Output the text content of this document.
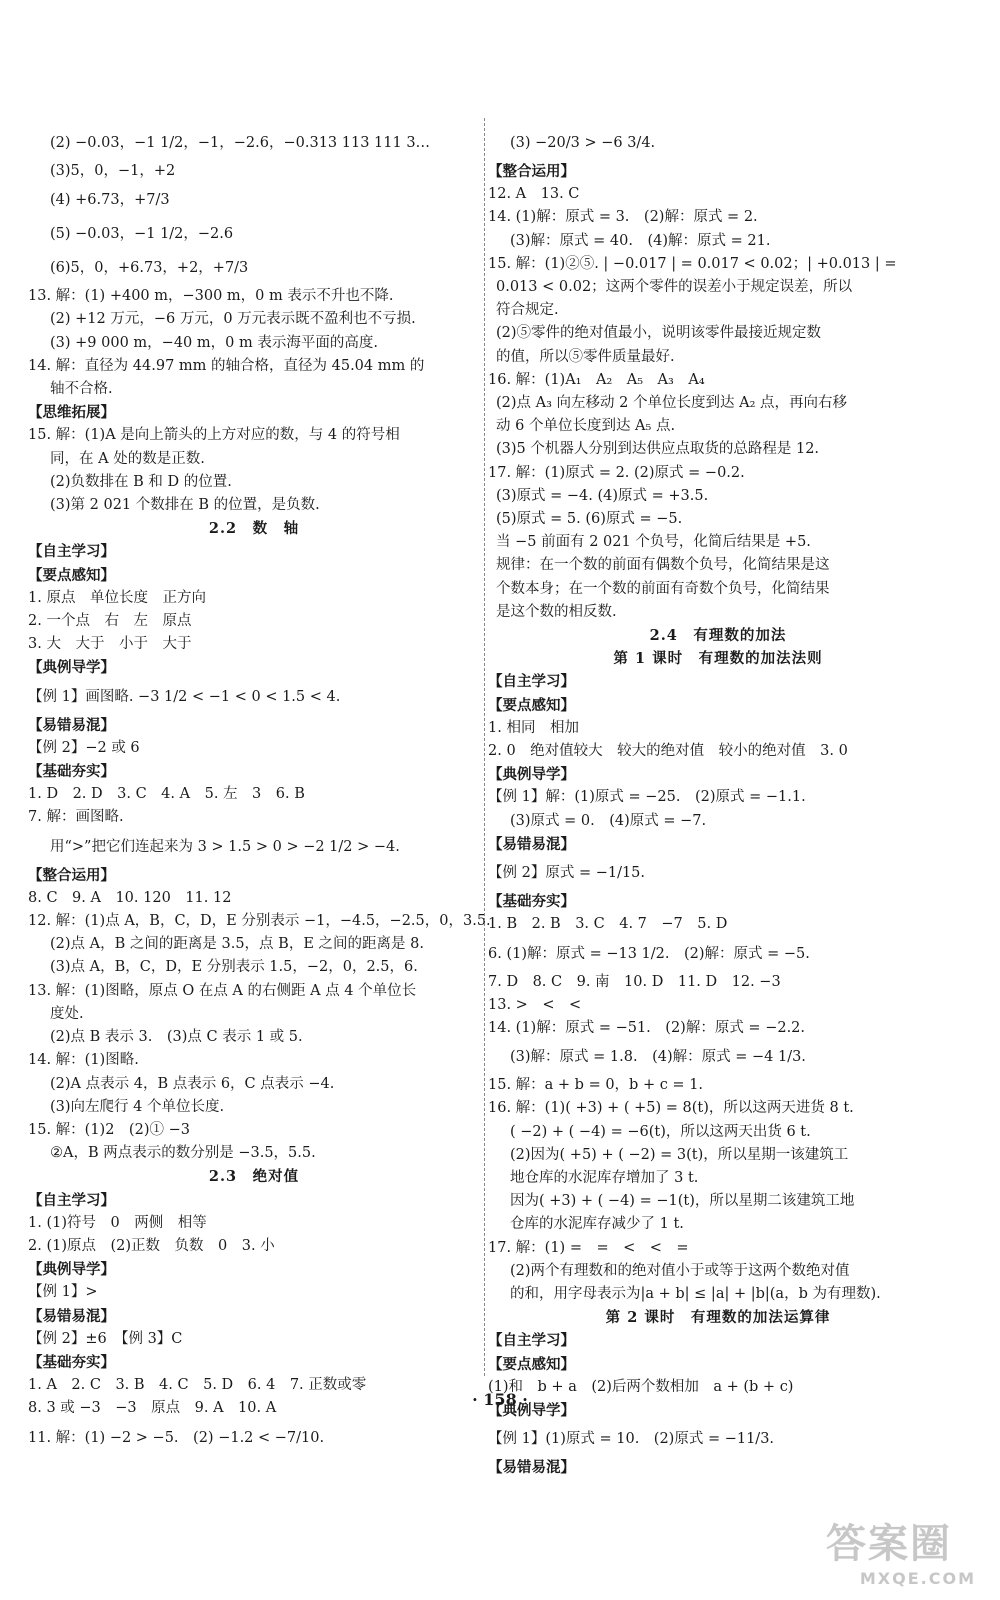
(2) −0.03，−1 1/2，−1，−2.6，−0.313 113 111 3…
(3)5，0，−1，+2
(4) +6.73，+7/3
(5) −0.03，−1 1/2，−2.6
(6)5，0，+6.73，+2，+7/3
13. 解：(1) +400 m，−300 m，0 m 表示不升也不降.
(2) +12 万元，−6 万元，0 万元表示既不盈利也不亏损.
(3) +9 000 m，−40 m，0 m 表示海平面的高度.
14. 解：直径为 44.97 mm 的轴合格，直径为 45.04 mm 的
轴不合格.
【思维拓展】
15. 解：(1)A 是向上箭头的上方对应的数，与 4 的符号相
同，在 A 处的数是正数.
(2)负数排在 B 和 D 的位置.
(3)第 2 021 个数排在 B 的位置，是负数.
2.2　数　轴
【自主学习】
【要点感知】
1. 原点　单位长度　正方向
2. 一个点　右　左　原点
3. 大　大于　小于　大于
【典例导学】
【例 1】画图略. −3 1/2 < −1 < 0 < 1.5 < 4.
【易错易混】
【例 2】−2 或 6
【基础夯实】
1. D　2. D　3. C　4. A　5. 左　3　6. B
7. 解：画图略.
用“>”把它们连起来为 3 > 1.5 > 0 > −2 1/2 > −4.
【整合运用】
8. C　9. A　10. 120　11. 12
12. 解：(1)点 A，B，C，D，E 分别表示 −1，−4.5，−2.5，0，3.5.
(2)点 A，B 之间的距离是 3.5，点 B，E 之间的距离是 8.
(3)点 A，B，C，D，E 分别表示 1.5，−2，0，2.5，6.
13. 解：(1)图略，原点 O 在点 A 的右侧距 A 点 4 个单位长
度处.
(2)点 B 表示 3.　(3)点 C 表示 1 或 5.
14. 解：(1)图略.
(2)A 点表示 4，B 点表示 6，C 点表示 −4.
(3)向左爬行 4 个单位长度.
15. 解：(1)2　(2)① −3
②A，B 两点表示的数分别是 −3.5，5.5.
2.3　绝对值
【自主学习】
1. (1)符号　0　两侧　相等
2. (1)原点　(2)正数　负数　0　3. 小
【典例导学】
【例 1】>
【易错易混】
【例 2】±6　【例 3】C
【基础夯实】
1. A　2. C　3. B　4. C　5. D　6. 4　7. 正数或零
8. 3 或 −3　−3　原点　9. A　10. A
11. 解：(1) −2 > −5.　(2) −1.2 < −7/10.
(3) −20/3 > −6 3/4.
【整合运用】
12. A　13. C
14. (1)解：原式 = 3.　(2)解：原式 = 2.
(3)解：原式 = 40.　(4)解：原式 = 21.
15. 解：(1)②⑤. | −0.017 | = 0.017 < 0.02；| +0.013 | =
0.013 < 0.02；这两个零件的误差小于规定误差，所以
符合规定.
(2)⑤零件的绝对值最小，说明该零件最接近规定数
的值，所以⑤零件质量最好.
16. 解：(1)A₁　A₂　A₅　A₃　A₄
(2)点 A₃ 向左移动 2 个单位长度到达 A₂ 点，再向右移
动 6 个单位长度到达 A₅ 点.
(3)5 个机器人分别到达供应点取货的总路程是 12.
17. 解：(1)原式 = 2. (2)原式 = −0.2.
(3)原式 = −4. (4)原式 = +3.5.
(5)原式 = 5. (6)原式 = −5.
当 −5 前面有 2 021 个负号，化简后结果是 +5.
规律：在一个数的前面有偶数个负号，化简结果是这
个数本身；在一个数的前面有奇数个负号，化简结果
是这个数的相反数.
2.4　有理数的加法
第 1 课时　有理数的加法法则
【自主学习】
【要点感知】
1. 相同　相加
2. 0　绝对值较大　较大的绝对值　较小的绝对值　3. 0
【典例导学】
【例 1】解：(1)原式 = −25.　(2)原式 = −1.1.
(3)原式 = 0.　(4)原式 = −7.
【易错易混】
【例 2】原式 = −1/15.
【基础夯实】
1. B　2. B　3. C　4. 7　−7　5. D
6. (1)解：原式 = −13 1/2.　(2)解：原式 = −5.
7. D　8. C　9. 南　10. D　11. D　12. −3
13. >　<　<
14. (1)解：原式 = −51.　(2)解：原式 = −2.2.
(3)解：原式 = 1.8.　(4)解：原式 = −4 1/3.
15. 解：a + b = 0，b + c = 1.
16. 解：(1)( +3) + ( +5) = 8(t)，所以这两天进货 8 t.
( −2) + ( −4) = −6(t)，所以这两天出货 6 t.
(2)因为( +5) + ( −2) = 3(t)，所以星期一该建筑工
地仓库的水泥库存增加了 3 t.
因为( +3) + ( −4) = −1(t)，所以星期二该建筑工地
仓库的水泥库存减少了 1 t.
17. 解：(1) =　=　<　<　=
(2)两个有理数和的绝对值小于或等于这两个数绝对值
的和，用字母表示为|a + b| ≤ |a| + |b|(a，b 为有理数).
第 2 课时　有理数的加法运算律
【自主学习】
【要点感知】
(1)和　b + a　(2)后两个数相加　a + (b + c)
【典例导学】
【例 1】(1)原式 = 10.　(2)原式 = −11/3.
【易错易混】
· 158 ·
答案圈
MXQE.COM
